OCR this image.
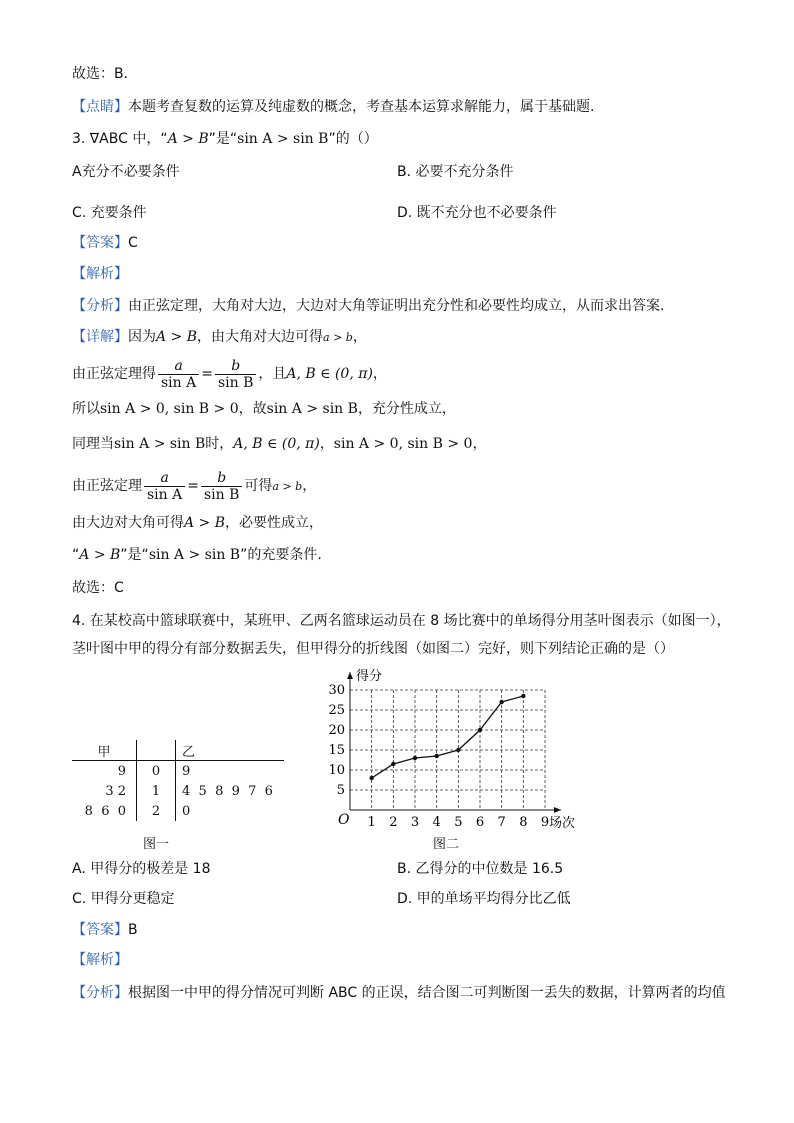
故选：B.
【点睛】本题考查复数的运算及纯虚数的概念，考查基本运算求解能力，属于基础题.
3. ∇ABC 中，“A > B”是“sin A > sin B”的（）
A充分不必要条件	B. 必要不充分条件
C. 充要条件	D. 既不充分也不必要条件
【答案】C
【解析】
【分析】由正弦定理，大角对大边，大边对大角等证明出充分性和必要性均成立，从而求出答案.
【详解】因为A > B，由大角对大边可得a > b，
由正弦定理得 $\frac{a}{\text{sin A}} = \frac{b}{\text{sin B}}$ ，且A, B ∈ (0, π)，
所以sin A > 0, sin B > 0，故sin A > sin B，充分性成立，
同理当sin A > sin B时，A, B ∈ (0, π)，sin A > 0, sin B > 0，
由正弦定理 $\frac{a}{\text{sin A}} = \frac{b}{\text{sin B}}$ 可得a > b，
由大边对大角可得A > B，必要性成立，
“A > B”是“sin A > sin B”的充要条件.
故选：C
4. 在某校高中篮球联赛中，某班甲、乙两名篮球运动员在 8 场比赛中的单场得分用茎叶图表示（如图一），
茎叶图中甲的得分有部分数据丢失，但甲得分的折线图（如图二）完好，则下列结论正确的是（）
甲		乙
9	0	9
3 2	1	4  5  8  9  7  6
8  6  0	2	0
图一
1 2 3 4 5 6 7 8 9
5
10
15
20
25
30
得分
场次
O
图二
A. 甲得分的极差是 18	B. 乙得分的中位数是 16.5
C. 甲得分更稳定	D. 甲的单场平均得分比乙低
【答案】B
【解析】
【分析】根据图一中甲的得分情况可判断 ABC 的正误，结合图二可判断图一丢失的数据，计算两者的均值
